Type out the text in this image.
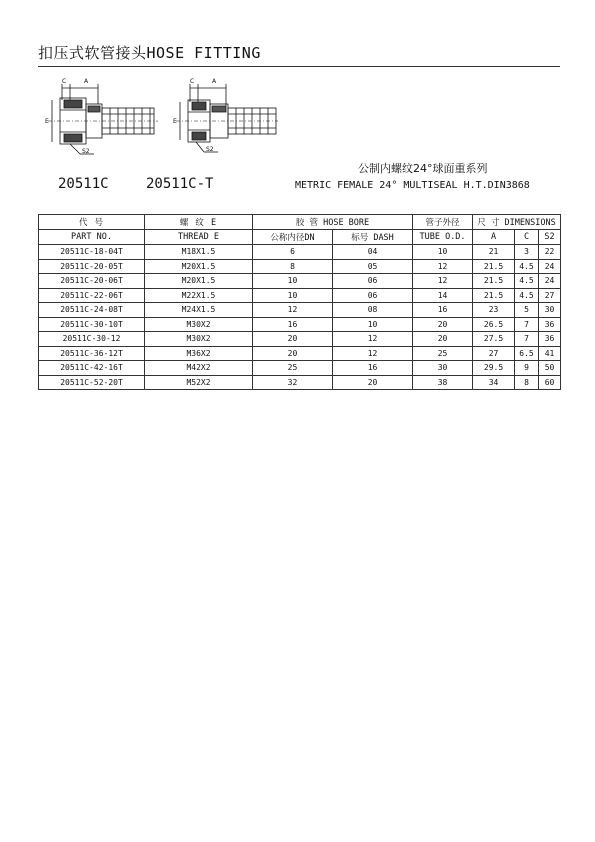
扣压式软管接头HOSE FITTING
C	A
S2
E
C	A
S2
E
20511C	20511C-T
公制内螺纹24°球面重系列
METRIC FEMALE 24° MULTISEAL H.T.DIN3868
代 号	螺 纹 E	胶 管 HOSE BORE		管子外径	尺 寸 DIMENSIONS		
PART NO.	THREAD E	公称内径DN	标号 DASH	TUBE O.D.	A	C	S2
20511C-18-04T	M18X1.5	6	04	10	21	3	22
20511C-20-05T	M20X1.5	8	05	12	21.5	4.5	24
20511C-20-06T	M20X1.5	10	06	12	21.5	4.5	24
20511C-22-06T	M22X1.5	10	06	14	21.5	4.5	27
20511C-24-08T	M24X1.5	12	08	16	23	5	30
20511C-30-10T	M30X2	16	10	20	26.5	7	36
20511C-30-12	M30X2	20	12	20	27.5	7	36
20511C-36-12T	M36X2	20	12	25	27	6.5	41
20511C-42-16T	M42X2	25	16	30	29.5	9	50
20511C-52-20T	M52X2	32	20	38	34	8	60
